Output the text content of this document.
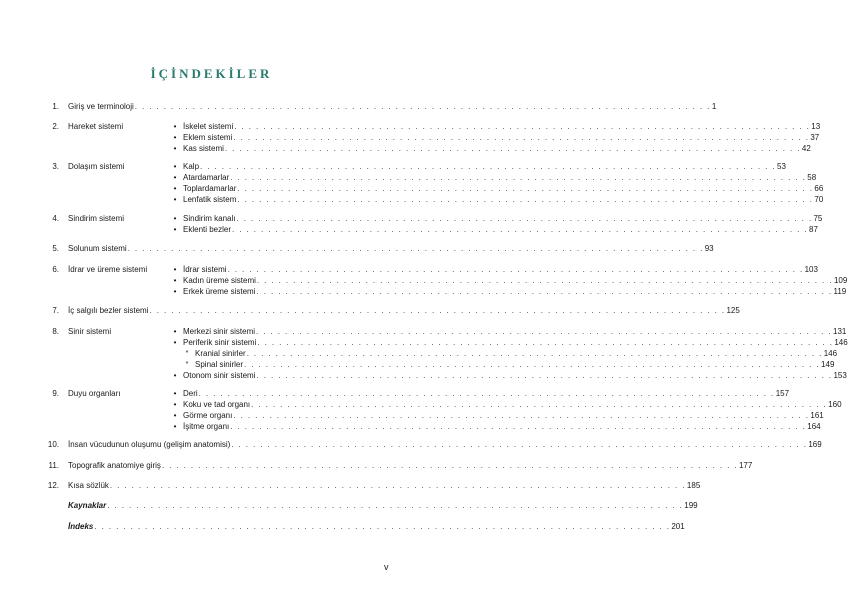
İÇİNDEKİLER
1. Giriş ve terminoloji . . . . . . . . . . . . . . . . . . . . . . . . . . . . . . . . . . . . . . . . . . . . . . . . . . . . . . . . . . . . . . . . . . . . . . . . . . . . . . . . 1
2. Hareket sistemi	• İskelet sistemi . . . . . . . . . . . . . . . . . . . . . . . . . . . . . . . . . . . . . . . . . . . . . . . . . . . . . . . . . . . . . . . . . . . . . . . . . . . . . . . . 13
• Eklem sistemi . . . . . . . . . . . . . . . . . . . . . . . . . . . . . . . . . . . . . . . . . . . . . . . . . . . . . . . . . . . . . . . . . . . . . . . . . . . . . . . . 37
• Kas sistemi . . . . . . . . . . . . . . . . . . . . . . . . . . . . . . . . . . . . . . . . . . . . . . . . . . . . . . . . . . . . . . . . . . . . . . . . . . . . . . . . 42
3. Dolaşım sistemi	• Kalp . . . . . . . . . . . . . . . . . . . . . . . . . . . . . . . . . . . . . . . . . . . . . . . . . . . . . . . . . . . . . . . . . . . . . . . . . . . . . . . . 53
• Atardamarlar . . . . . . . . . . . . . . . . . . . . . . . . . . . . . . . . . . . . . . . . . . . . . . . . . . . . . . . . . . . . . . . . . . . . . . . . . . . . . . . . 58
• Toplardamarlar . . . . . . . . . . . . . . . . . . . . . . . . . . . . . . . . . . . . . . . . . . . . . . . . . . . . . . . . . . . . . . . . . . . . . . . . . . . . . . . . 66
• Lenfatik sistem . . . . . . . . . . . . . . . . . . . . . . . . . . . . . . . . . . . . . . . . . . . . . . . . . . . . . . . . . . . . . . . . . . . . . . . . . . . . . . . . 70
4. Sindirim sistemi	• Sindirim kanalı . . . . . . . . . . . . . . . . . . . . . . . . . . . . . . . . . . . . . . . . . . . . . . . . . . . . . . . . . . . . . . . . . . . . . . . . . . . . . . . . 75
• Eklenti bezler . . . . . . . . . . . . . . . . . . . . . . . . . . . . . . . . . . . . . . . . . . . . . . . . . . . . . . . . . . . . . . . . . . . . . . . . . . . . . . . . 87
5. Solunum sistemi . . . . . . . . . . . . . . . . . . . . . . . . . . . . . . . . . . . . . . . . . . . . . . . . . . . . . . . . . . . . . . . . . . . . . . . . . . . . . . . . 93
6. İdrar ve üreme sistemi	• İdrar sistemi . . . . . . . . . . . . . . . . . . . . . . . . . . . . . . . . . . . . . . . . . . . . . . . . . . . . . . . . . . . . . . . . . . . . . . . . . . . . . . . . 103
• Kadın üreme sistemi . . . . . . . . . . . . . . . . . . . . . . . . . . . . . . . . . . . . . . . . . . . . . . . . . . . . . . . . . . . . . . . . . . . . . . . . . . . . . . . . 109
• Erkek üreme sistemi . . . . . . . . . . . . . . . . . . . . . . . . . . . . . . . . . . . . . . . . . . . . . . . . . . . . . . . . . . . . . . . . . . . . . . . . . . . . . . . . 119
7. İç salgılı bezler sistemi . . . . . . . . . . . . . . . . . . . . . . . . . . . . . . . . . . . . . . . . . . . . . . . . . . . . . . . . . . . . . . . . . . . . . . . . . . . . . . . . 125
8. Sinir sistemi	• Merkezi sinir sistemi . . . . . . . . . . . . . . . . . . . . . . . . . . . . . . . . . . . . . . . . . . . . . . . . . . . . . . . . . . . . . . . . . . . . . . . . . . . . . . . . 131
• Periferik sinir sistemi . . . . . . . . . . . . . . . . . . . . . . . . . . . . . . . . . . . . . . . . . . . . . . . . . . . . . . . . . . . . . . . . . . . . . . . . . . . . . . . . 146
* Kranial sinirler . . . . . . . . . . . . . . . . . . . . . . . . . . . . . . . . . . . . . . . . . . . . . . . . . . . . . . . . . . . . . . . . . . . . . . . . . . . . . . . . 146
* Spinal sinirler . . . . . . . . . . . . . . . . . . . . . . . . . . . . . . . . . . . . . . . . . . . . . . . . . . . . . . . . . . . . . . . . . . . . . . . . . . . . . . . . 149
• Otonom sinir sistemi . . . . . . . . . . . . . . . . . . . . . . . . . . . . . . . . . . . . . . . . . . . . . . . . . . . . . . . . . . . . . . . . . . . . . . . . . . . . . . . . 153
9. Duyu organları	• Deri . . . . . . . . . . . . . . . . . . . . . . . . . . . . . . . . . . . . . . . . . . . . . . . . . . . . . . . . . . . . . . . . . . . . . . . . . . . . . . . . 157
• Koku ve tad organı . . . . . . . . . . . . . . . . . . . . . . . . . . . . . . . . . . . . . . . . . . . . . . . . . . . . . . . . . . . . . . . . . . . . . . . . . . . . . . . . 160
• Görme organı . . . . . . . . . . . . . . . . . . . . . . . . . . . . . . . . . . . . . . . . . . . . . . . . . . . . . . . . . . . . . . . . . . . . . . . . . . . . . . . . 161
• İşitme organı . . . . . . . . . . . . . . . . . . . . . . . . . . . . . . . . . . . . . . . . . . . . . . . . . . . . . . . . . . . . . . . . . . . . . . . . . . . . . . . . 164
10. İnsan vücudunun oluşumu (gelişim anatomisi) . . . . . . . . . . . . . . . . . . . . . . . . . . . . . . . . . . . . . . . . . . . . . . . . . . . . . . . . . . . . . . . . . . . . . . . . . . . . . . . . 169
11. Topografik anatomiye giriş . . . . . . . . . . . . . . . . . . . . . . . . . . . . . . . . . . . . . . . . . . . . . . . . . . . . . . . . . . . . . . . . . . . . . . . . . . . . . . . . 177
12. Kısa sözlük . . . . . . . . . . . . . . . . . . . . . . . . . . . . . . . . . . . . . . . . . . . . . . . . . . . . . . . . . . . . . . . . . . . . . . . . . . . . . . . . 185
Kaynaklar . . . . . . . . . . . . . . . . . . . . . . . . . . . . . . . . . . . . . . . . . . . . . . . . . . . . . . . . . . . . . . . . . . . . . . . . . . . . . . . . 199
İndeks . . . . . . . . . . . . . . . . . . . . . . . . . . . . . . . . . . . . . . . . . . . . . . . . . . . . . . . . . . . . . . . . . . . . . . . . . . . . . . . . 201
v
